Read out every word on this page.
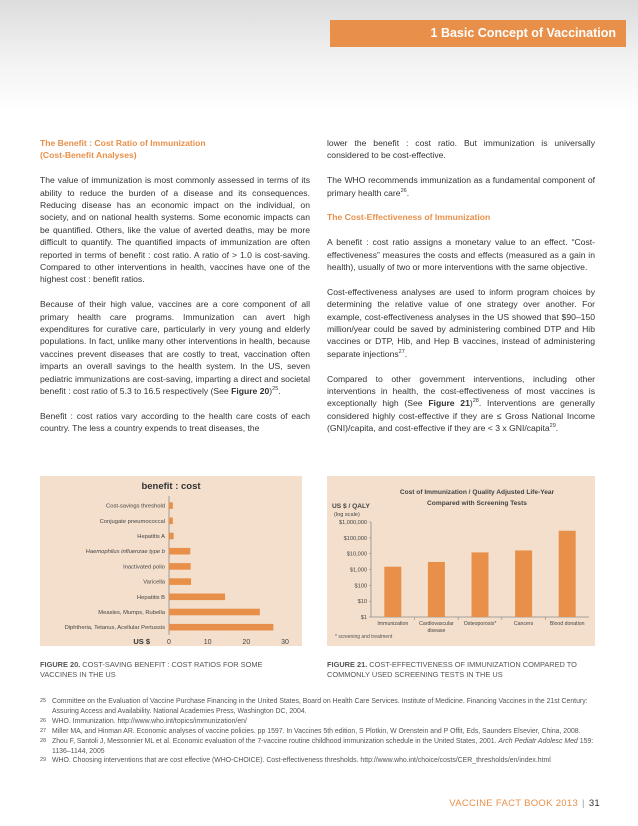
1 Basic Concept of Vaccination
The Benefit : Cost Ratio of Immunization
(Cost-Benefit Analyses)

The value of immunization is most commonly assessed in terms of its ability to reduce the burden of a disease and its consequences. Reducing disease has an economic impact on the individual, on society, and on national health systems. Some economic impacts can be quantified. Others, like the value of averted deaths, may be more difficult to quantify. The quantified impacts of immunization are often reported in terms of benefit : cost ratio. A ratio of > 1.0 is cost-saving. Compared to other interventions in health, vaccines have one of the highest cost : benefit ratios.

Because of their high value, vaccines are a core component of all primary health care programs. Immunization can avert high expenditures for curative care, particularly in very young and elderly populations. In fact, unlike many other interventions in health, because vaccines prevent diseases that are costly to treat, vaccination often imparts an overall savings to the health system. In the US, seven pediatric immunizations are cost-saving, imparting a direct and societal benefit : cost ratio of 5.3 to 16.5 respectively (See Figure 20)$^{25}$.

Benefit : cost ratios vary according to the health care costs of each country. The less a country expends to treat diseases, the

lower the benefit : cost ratio. But immunization is universally considered to be cost-effective.

The WHO recommends immunization as a fundamental component of primary health care$^{26}$.

The Cost-Effectiveness of Immunization

A benefit : cost ratio assigns a monetary value to an effect. “Cost-effectiveness” measures the costs and effects (measured as a gain in health), usually of two or more interventions with the same objective.

Cost-effectiveness analyses are used to inform program choices by determining the relative value of one strategy over another. For example, cost-effectiveness analyses in the US showed that $90–150 million/year could be saved by administering combined DTP and Hib vaccines or DTP, Hib, and Hep B vaccines, instead of administering separate injections$^{27}$.

Compared to other government interventions, including other interventions in health, the cost-effectiveness of most vaccines is exceptionally high (See Figure 21)$^{28}$. Interventions are generally considered highly cost-effective if they are ≤ Gross National Income (GNI)/capita, and cost-effective if they are < 3 x GNI/capita$^{29}$.

benefit : cost
Cost-savings threshold
Conjugate pneumococcal
Hepatitis A
Haemophilus influenzae type b
Inactivated polio
Varicella
Hepatitis B
Measles, Mumps, Rubella
Diphtheria, Tetanus, Acellular Pertussis
0	10	20	30
US $
Cost of Immunization / Quality Adjusted Life-Year
Compared with Screening Tests
US $ / QALY
(log scale)
$1
$10
$100
$1,000
$10,000
$100,000
$1,000,000
Immunization Cardiovascular
disease
Osteoporosis*	Cancers	Blood donation
* screening and treatment
FIGURE 20. COST-SAVING BENEFIT : COST RATIOS FOR SOME VACCINES IN THE US
FIGURE 21. COST-EFFECTIVENESS OF IMMUNIZATION COMPARED TO COMMONLY USED SCREENING TESTS IN THE US

25 Committee on the Evaluation of Vaccine Purchase Financing in the United States, Board on Health Care Services. Institute of Medicine. Financing Vaccines in the 21st Century: Assuring Access and Availability. National Academies Press, Washington DC, 2004.

26 WHO. Immunization. http://www.who.int/topics/immunization/en/

27 Miller MA, and Hinman AR. Economic analyses of vaccine policies. pp 1597. In Vaccines 5th edition, S Plotkin, W Orenstein and P Offit, Eds, Saunders Elsevier, China, 2008.

28 Zhou F, Santoli J, Messonnier ML et al. Economic evaluation of the 7-vaccine routine childhood immunization schedule in the United States, 2001. Arch Pediatr Adolesc Med 159: 1136–1144, 2005

29 WHO. Choosing interventions that are cost effective (WHO-CHOICE). Cost-effectiveness thresholds. http://www.who.int/choice/costs/CER_thresholds/en/index.html

VACCINE FACT BOOK 2013 | 31
